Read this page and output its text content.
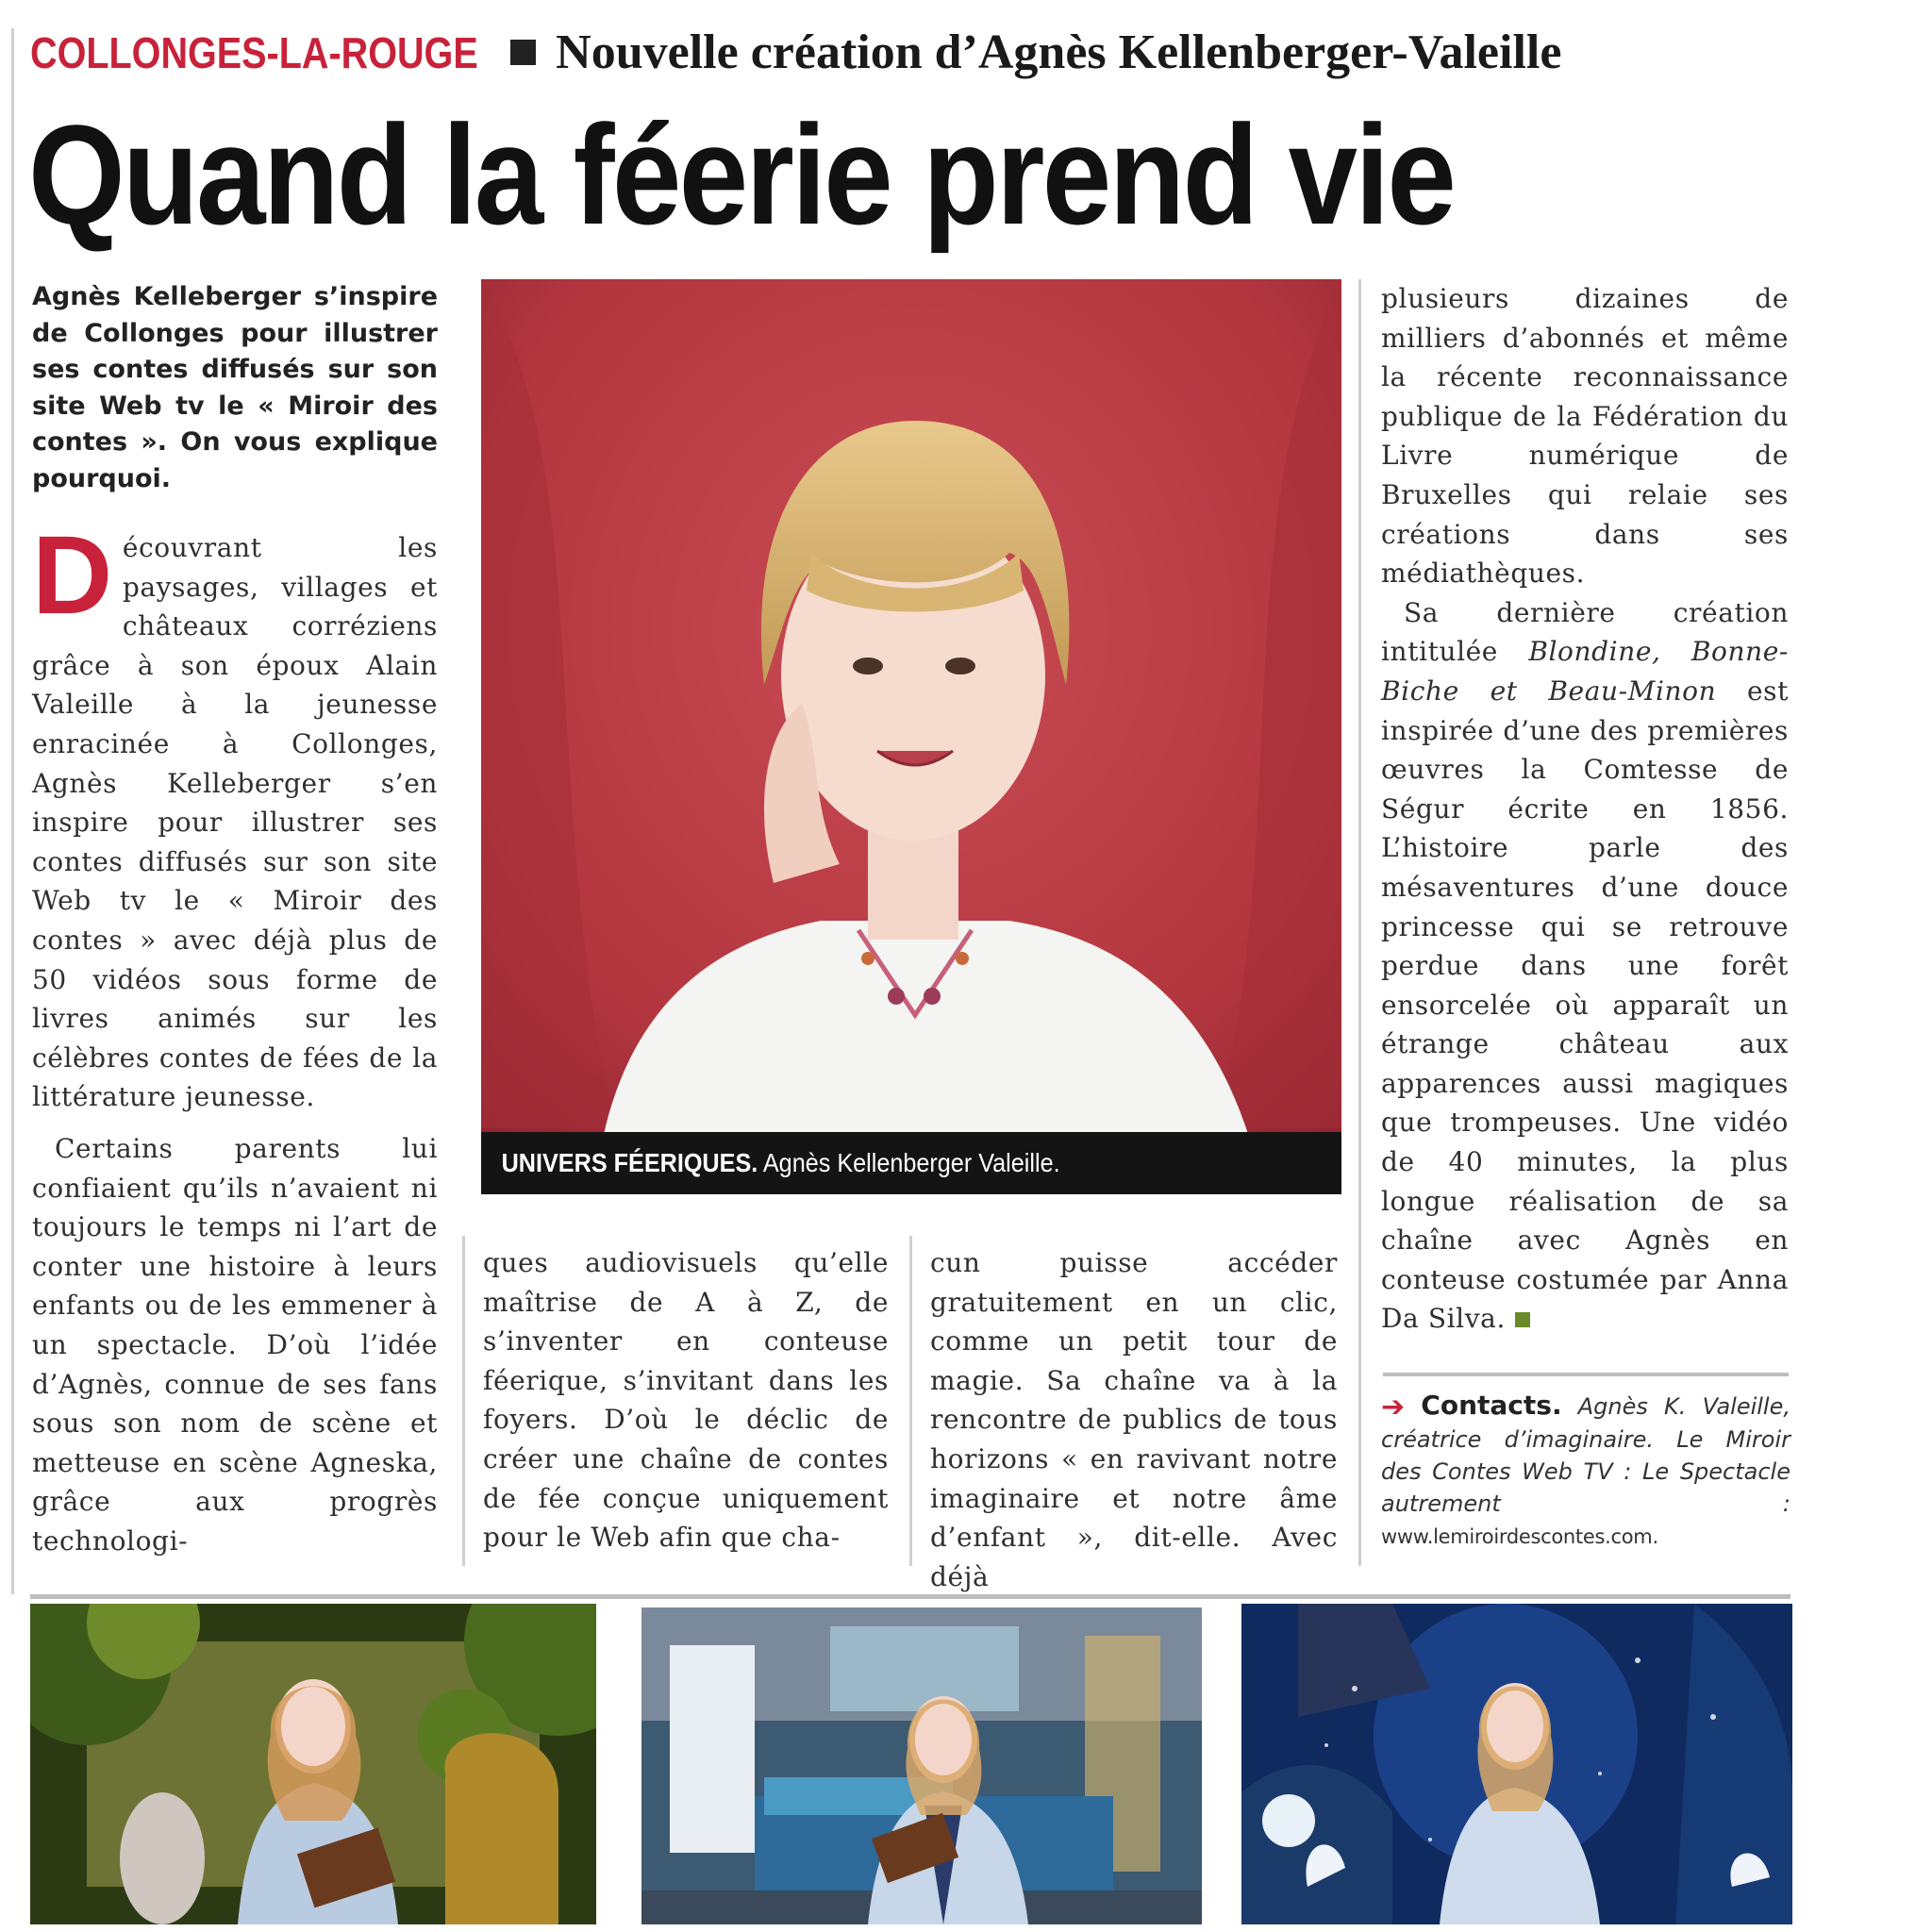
COLLONGES-LA-ROUGE Nouvelle création d’Agnès Kellenberger-Valeille
Quand la féerie prend vie
Agnès Kelleberger s’inspire de Collonges pour illustrer ses contes diffusés sur son site Web tv le « Miroir des contes ». On vous explique pourquoi.

Découvrant les paysages, villages et châteaux corréziens grâce à son époux Alain Valeille à la jeunesse enracinée à Collonges, Agnès Kelleberger s’en inspire pour illustrer ses contes diffusés sur son site Web tv le « Miroir des contes » avec déjà plus de 50 vidéos sous forme de livres animés sur les célèbres contes de fées de la littérature jeunesse.

Certains parents lui confiaient qu’ils n’avaient ni toujours le temps ni l’art de conter une histoire à leurs enfants ou de les emmener à un spectacle. D’où l’idée d’Agnès, connue de ses fans sous son nom de scène et metteuse en scène Agneska, grâce aux progrès technologi-

ques audiovisuels qu’elle maîtrise de A à Z, de s’inventer en conteuse féerique, s’invitant dans les foyers. D’où le déclic de créer une chaîne de contes de fée conçue uniquement pour le Web afin que cha-

cun puisse accéder gratuitement en un clic, comme un petit tour de magie. Sa chaîne va à la rencontre de publics de tous horizons « en ravivant notre imaginaire et notre âme d’enfant », dit-elle. Avec déjà

plusieurs dizaines de milliers d’abonnés et même la récente reconnaissance publique de la Fédération du Livre numérique de Bruxelles qui relaie ses créations dans ses médiathèques.

Sa dernière création intitulée Blondine, Bonne-Biche et Beau-Minon est inspirée d’une des premières œuvres la Comtesse de Ségur écrite en 1856. L’histoire parle des mésaventures d’une douce princesse qui se retrouve perdue dans une forêt ensorcelée où apparaît un étrange château aux apparences aussi magiques que trompeuses. Une vidéo de 40 minutes, la plus longue réalisation de sa chaîne avec Agnès en conteuse costumée par Anna Da Silva.

UNIVERS FÉERIQUES. Agnès Kellenberger Valeille.
➔ Contacts. Agnès K. Valeille, créatrice d’imaginaire. Le Miroir des Contes Web TV : Le Spectacle autrement : www.lemiroirdescontes.com.
